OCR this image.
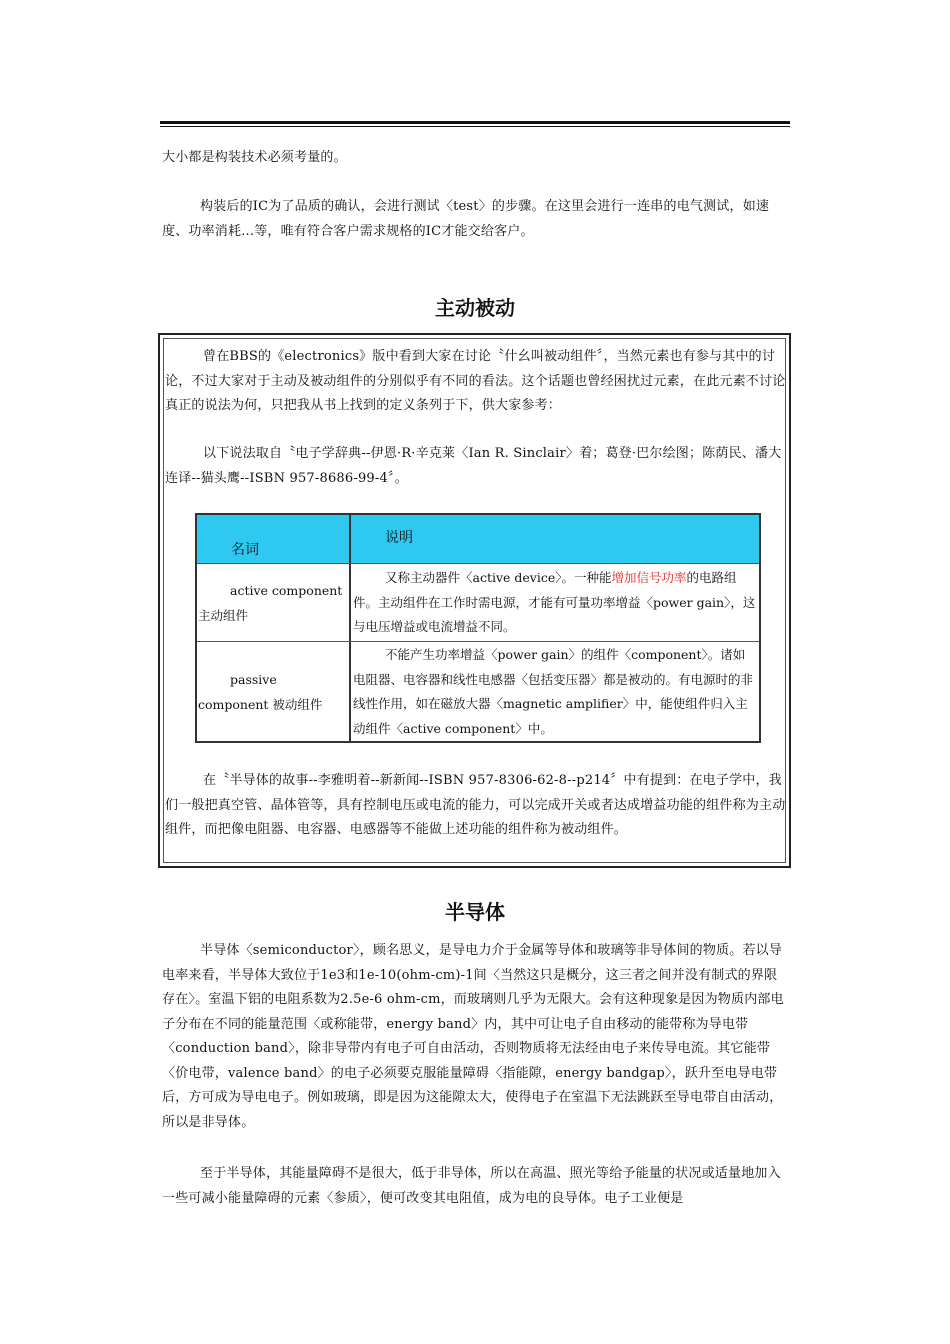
大小都是构装技术必须考量的。

构装后的IC为了品质的确认，会进行测试〈test〉的步骤。在这里会进行一连串的电气测试，如速度、功率消耗...等，唯有符合客户需求规格的IC才能交给客户。

主动被动

曾在BBS的《electronics》版中看到大家在讨论〝什幺叫被动组件〞，当然元素也有参与其中的讨论，不过大家对于主动及被动组件的分别似乎有不同的看法。这个话题也曾经困扰过元素，在此元素不讨论真正的说法为何，只把我从书上找到的定义条列于下，供大家参考：

以下说法取自〝电子学辞典--伊恩·R·辛克莱〈Ian R. Sinclair〉着；葛登·巴尔绘图；陈荫民、潘大连译--猫头鹰--ISBN 957-8686-99-4〞。

名词

说明

active component 主动组件

又称主动器件〈active device〉。一种能增加信号功率的电路组件。主动组件在工作时需电源，才能有可量功率增益〈power gain〉，这与电压增益或电流增益不同。

passive component 被动组件

不能产生功率增益〈power gain〉的组件〈component〉。诸如电阻器、电容器和线性电感器〈包括变压器〉都是被动的。有电源时的非线性作用，如在磁放大器〈magnetic amplifier〉中，能使组件归入主动组件〈active component〉中。

在〝半导体的故事--李雅明着--新新闻--ISBN 957-8306-62-8--p214〞中有提到：在电子学中，我们一般把真空管、晶体管等，具有控制电压或电流的能力，可以完成开关或者达成增益功能的组件称为主动组件，而把像电阻器、电容器、电感器等不能做上述功能的组件称为被动组件。

半导体

半导体〈semiconductor〉，顾名思义，是导电力介于金属等导体和玻璃等非导体间的物质。若以导电率来看，半导体大致位于1e3和1e-10(ohm-cm)-1间〈当然这只是概分，这三者之间并没有制式的界限存在〉。室温下铝的电阻系数为2.5e-6 ohm-cm，而玻璃则几乎为无限大。会有这种现象是因为物质内部电子分布在不同的能量范围〈或称能带，energy band〉内，其中可让电子自由移动的能带称为导电带〈conduction band〉，除非导带内有电子可自由活动，否则物质将无法经由电子来传导电流。其它能带〈价电带，valence band〉的电子必须要克服能量障碍〈指能隙，energy bandgap〉，跃升至电导电带后，方可成为导电电子。例如玻璃，即是因为这能隙太大，使得电子在室温下无法跳跃至导电带自由活动，所以是非导体。

至于半导体，其能量障碍不是很大，低于非导体，所以在高温、照光等给予能量的状况或适量地加入一些可减小能量障碍的元素〈参质〉，便可改变其电阻值，成为电的良导体。电子工业便是
